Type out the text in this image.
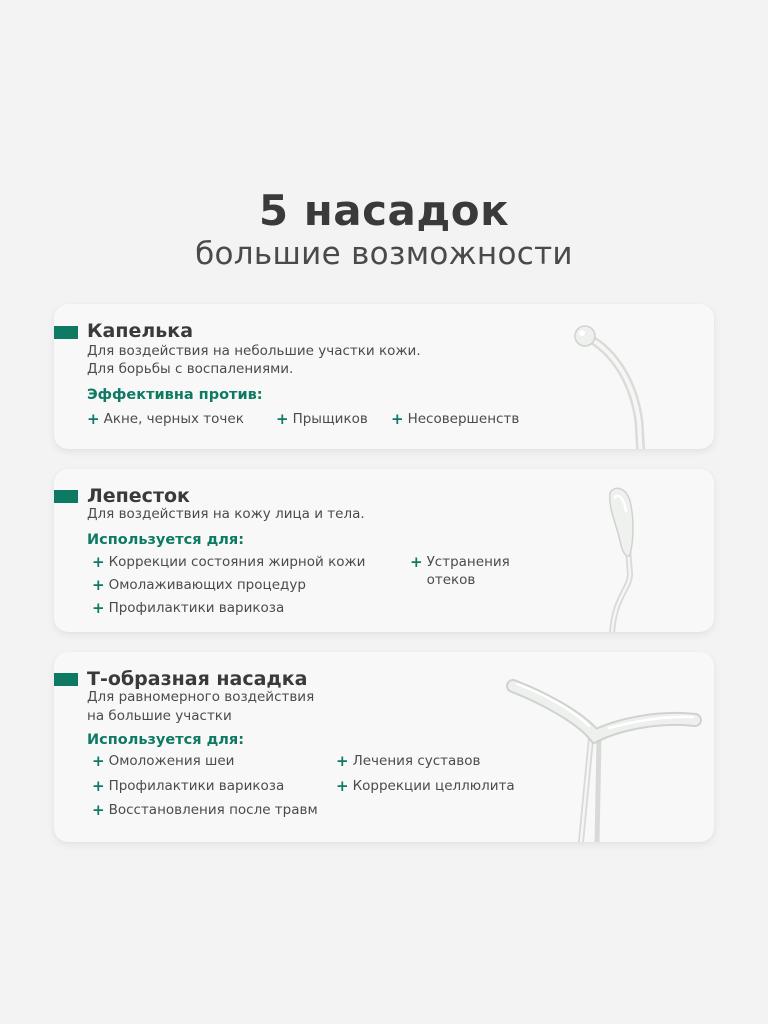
5 насадок
большие возможности
Капелька
Для воздействия на небольшие участки кожи.
Для борьбы с воспалениями.
Эффективна против:
+ Акне, черных точек + Прыщиков + Несовершенств
Лепесток
Для воздействия на кожу лица и тела.
Используется для:
+ Коррекции состояния жирной кожи
+ Омолаживающих процедур
+ Профилактики варикоза
+ Устранения
отеков
Т-образная насадка
Для равномерного воздействия
на большие участки
Используется для:
+ Омоложения шеи	+ Лечения суставов
+ Профилактики варикоза	+ Коррекции целлюлита
+ Восстановления после травм
